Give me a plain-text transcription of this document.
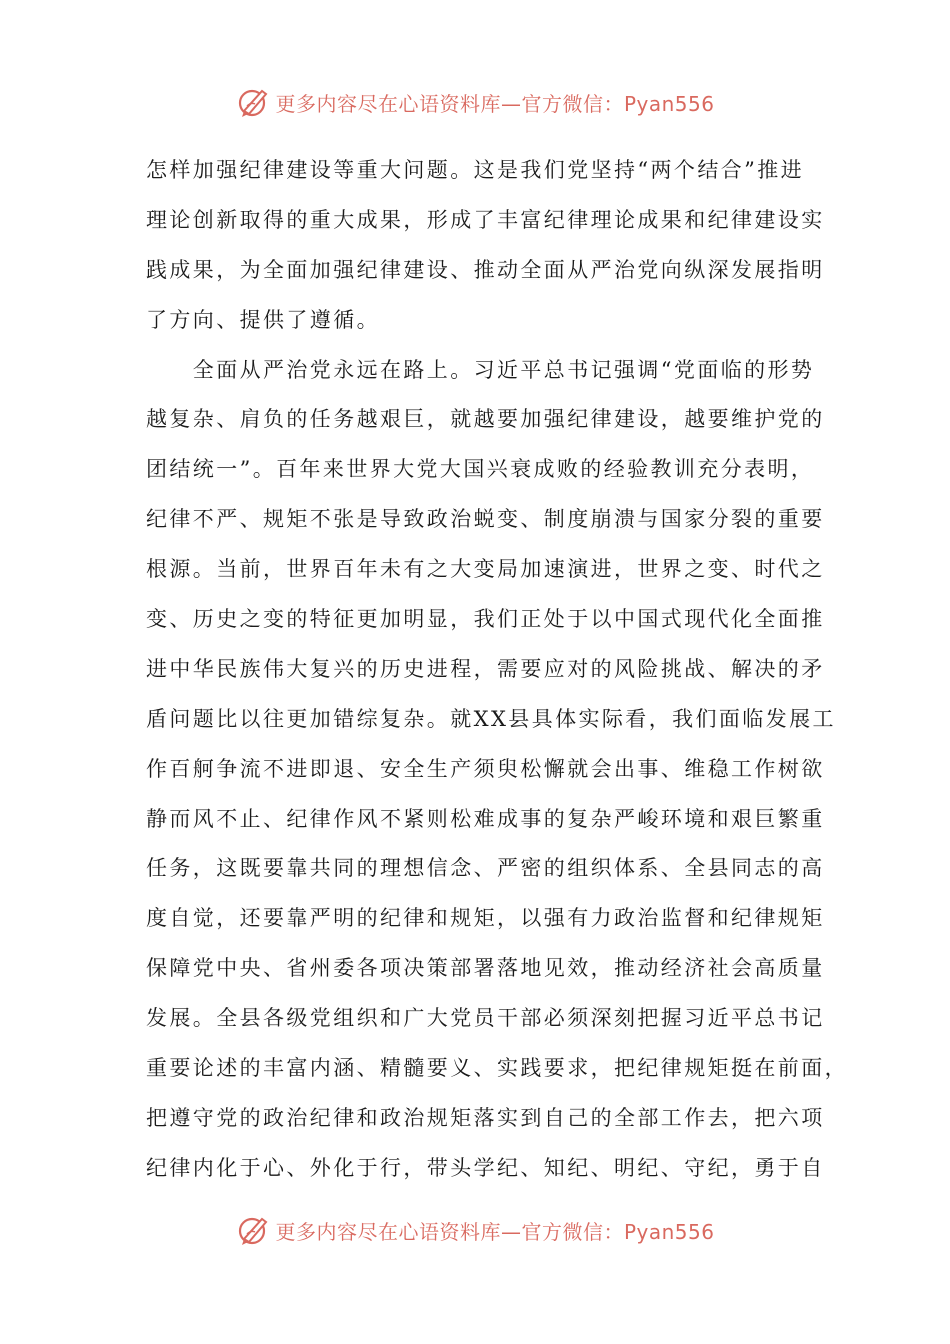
更多内容尽在心语资料库—官方微信：Pyan556
怎样加强纪律建设等重大问题。这是我们党坚持“两个结合”推进
理论创新取得的重大成果，形成了丰富纪律理论成果和纪律建设实
践成果，为全面加强纪律建设、推动全面从严治党向纵深发展指明
了方向、提供了遵循。
　　全面从严治党永远在路上。习近平总书记强调“党面临的形势
越复杂、肩负的任务越艰巨，就越要加强纪律建设，越要维护党的
团结统一”。百年来世界大党大国兴衰成败的经验教训充分表明，
纪律不严、规矩不张是导致政治蜕变、制度崩溃与国家分裂的重要
根源。当前，世界百年未有之大变局加速演进，世界之变、时代之
变、历史之变的特征更加明显，我们正处于以中国式现代化全面推
进中华民族伟大复兴的历史进程，需要应对的风险挑战、解决的矛
盾问题比以往更加错综复杂。就XX县具体实际看，我们面临发展工
作百舸争流不进即退、安全生产须臾松懈就会出事、维稳工作树欲
静而风不止、纪律作风不紧则松难成事的复杂严峻环境和艰巨繁重
任务，这既要靠共同的理想信念、严密的组织体系、全县同志的高
度自觉，还要靠严明的纪律和规矩，以强有力政治监督和纪律规矩
保障党中央、省州委各项决策部署落地见效，推动经济社会高质量
发展。全县各级党组织和广大党员干部必须深刻把握习近平总书记
重要论述的丰富内涵、精髓要义、实践要求，把纪律规矩挺在前面，
把遵守党的政治纪律和政治规矩落实到自己的全部工作去，把六项
纪律内化于心、外化于行，带头学纪、知纪、明纪、守纪，勇于自
更多内容尽在心语资料库—官方微信：Pyan556
